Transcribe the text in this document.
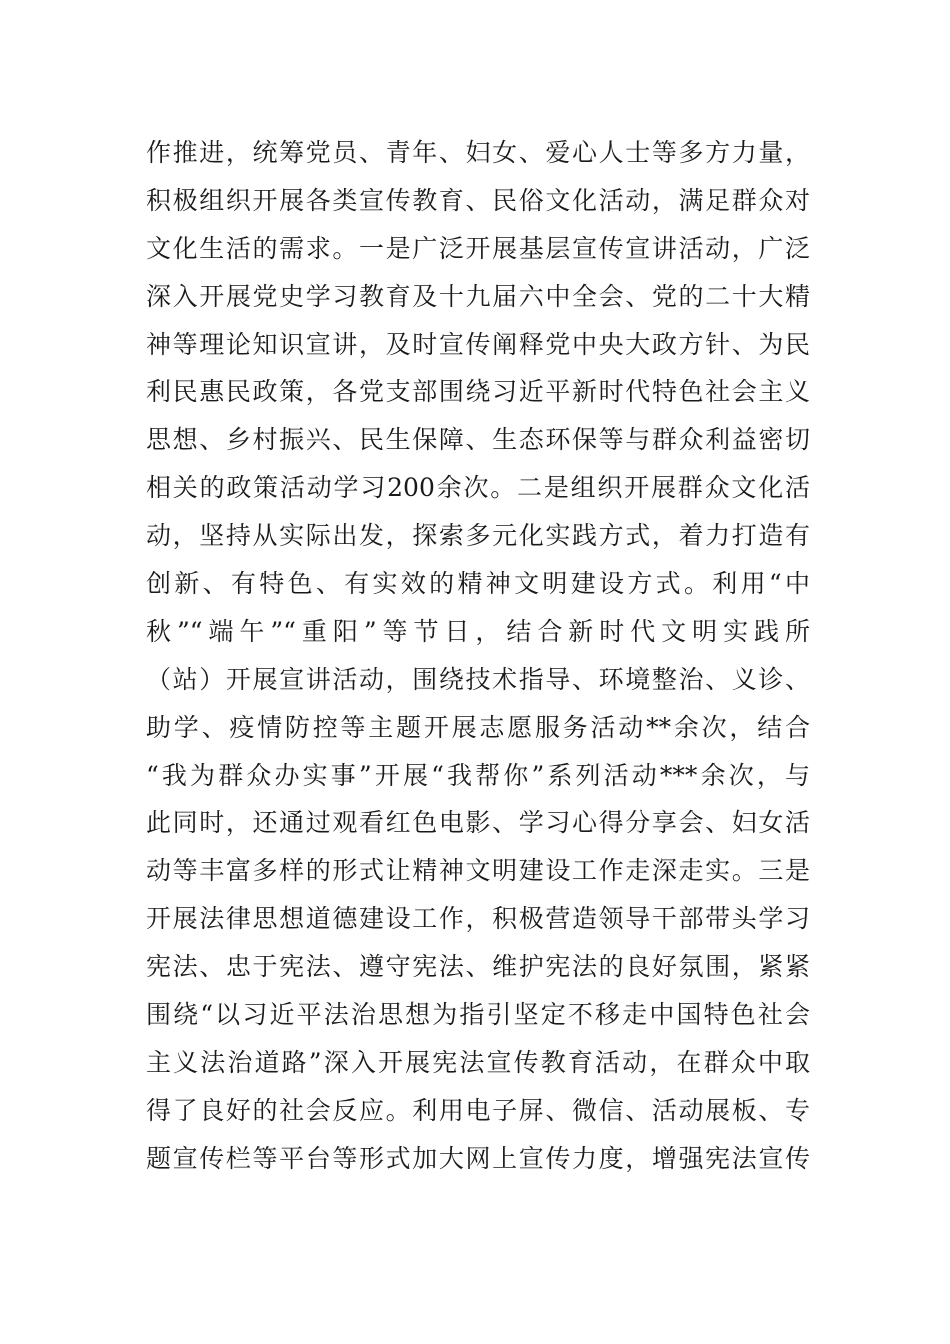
作推进，统筹党员、青年、妇女、爱心人士等多方力量，
积极组织开展各类宣传教育、民俗文化活动，满足群众对
文化生活的需求。一是广泛开展基层宣传宣讲活动，广泛
深入开展党史学习教育及十九届六中全会、党的二十大精
神等理论知识宣讲，及时宣传阐释党中央大政方针、为民
利民惠民政策，各党支部围绕习近平新时代特色社会主义
思想、乡村振兴、民生保障、生态环保等与群众利益密切
相关的政策活动学习200余次。二是组织开展群众文化活
动，坚持从实际出发，探索多元化实践方式，着力打造有
创新、有特色、有实效的精神文明建设方式。利用“中
秋”“端午”“重阳”等节日，结合新时代文明实践所
（站）开展宣讲活动，围绕技术指导、环境整治、义诊、
助学、疫情防控等主题开展志愿服务活动**余次，结合
“我为群众办实事”开展“我帮你”系列活动***余次，与
此同时，还通过观看红色电影、学习心得分享会、妇女活
动等丰富多样的形式让精神文明建设工作走深走实。三是
开展法律思想道德建设工作，积极营造领导干部带头学习
宪法、忠于宪法、遵守宪法、维护宪法的良好氛围，紧紧
围绕“以习近平法治思想为指引坚定不移走中国特色社会
主义法治道路”深入开展宪法宣传教育活动，在群众中取
得了良好的社会反应。利用电子屏、微信、活动展板、专
题宣传栏等平台等形式加大网上宣传力度，增强宪法宣传
